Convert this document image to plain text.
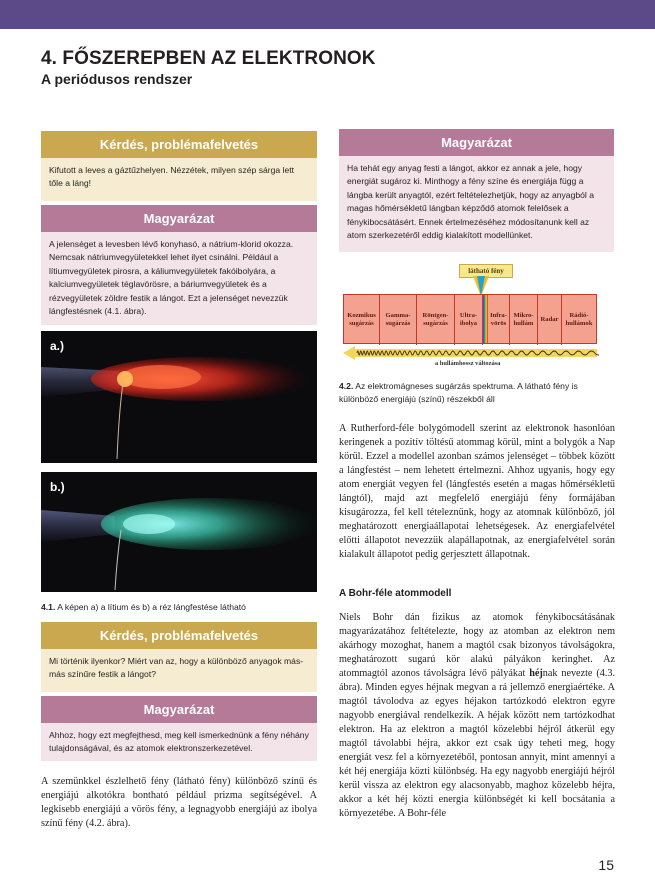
4. FŐSZEREPBEN AZ ELEKTRONOK
A periódusos rendszer
Kérdés, problémafelvetés
Kifutott a leves a gáztűzhelyen. Nézzétek, milyen szép sárga lett tőle a láng!
Magyarázat
A jelenséget a levesben lévő konyhasó, a nátrium-klorid okozza. Nemcsak nátriumvegyületekkel lehet ilyet csinálni. Például a lítiumvegyületek pirosra, a káliumvegyületek fakóibolyára, a kalciumvegyületek téglavörösre, a báriumvegyületek és a rézvegyületek zöldre festik a lángot. Ezt a jelenséget nevezzük lángfestésnek (4.1. ábra).
a.)
b.)
4.1. A képen a) a lítium és b) a réz lángfestése látható
Kérdés, problémafelvetés
Mi történik ilyenkor? Miért van az, hogy a különböző anyagok más-más színűre festik a lángot?
Magyarázat
Ahhoz, hogy ezt megfejthesd, meg kell ismerkednünk a fény néhány tulajdonságával, és az atomok elektronszerkezetével.
A szemünkkel észlelhető fény (látható fény) különböző színű és energiájú alkotókra bontható például prizma segítségével. A legkisebb energiájú a vörös fény, a legnagyobb energiájú az ibolya színű fény (4.2. ábra).
Magyarázat
Ha tehát egy anyag festi a lángot, akkor ez annak a jele, hogy energiát sugároz ki. Minthogy a fény színe és energiája függ a lángba került anyagtól, ezért feltételezhetjük, hogy az anyagból a magas hőmérsékletű lángban képződő atomok felelősek a fénykibocsátásért. Ennek értelmezéséhez módosítanunk kell az atom szerkezetéről eddig kialakított modellünket.
látható fény
Kozmikus sugárzás
Gamma-sugárzás
Röntgen-sugárzás
Ultra-ibolya
Infra-vörös
Mikro-hullám
Radar
Rádió-hullámok
a hullámhossz változása
4.2. Az elektromágneses sugárzás spektruma. A látható fény is különböző energiájú (színű) részekből áll
A Rutherford-féle bolygómodell szerint az elektronok hasonlóan keringenek a pozitív töltésű atommag körül, mint a bolygók a Nap körül. Ezzel a modellel azonban számos jelenséget – többek között a lángfestést – nem lehetett értelmezni. Ahhoz ugyanis, hogy egy atom energiát vegyen fel (lángfestés esetén a magas hőmérsékletű lángtól), majd azt megfelelő energiájú fény formájában kisugározza, fel kell tételeznünk, hogy az atomnak különböző, jól meghatározott energiaállapotai lehetségesek. Az energiafelvétel előtti állapotot nevezzük alapállapotnak, az energiafelvétel során kialakult állapotot pedig gerjesztett állapotnak.
A Bohr-féle atommodell
Niels Bohr dán fizikus az atomok fénykibocsátásának magyarázatához feltételezte, hogy az atomban az elektron nem akárhogy mozoghat, hanem a magtól csak bizonyos távolságokra, meghatározott sugarú kör alakú pályákon keringhet. Az atommagtól azonos távolságra lévő pályákat héjnak nevezte (4.3. ábra). Minden egyes héjnak megvan a rá jellemző energiaértéke. A magtól távolodva az egyes héjakon tartózkodó elektron egyre nagyobb energiával rendelkezik. A héjak között nem tartózkodhat elektron. Ha az elektron a magtól közelebbi héjról átkerül egy magtól távolabbi héjra, akkor ezt csak úgy teheti meg, hogy energiát vesz fel a környezetéből, pontosan annyit, mint amennyi a két héj energiája közti különbség. Ha egy nagyobb energiájú héjról kerül vissza az elektron egy alacsonyabb, maghoz közelebb héjra, akkor a két héj közti energia különbségét ki kell bocsátania a környezetébe. A Bohr-féle
15
